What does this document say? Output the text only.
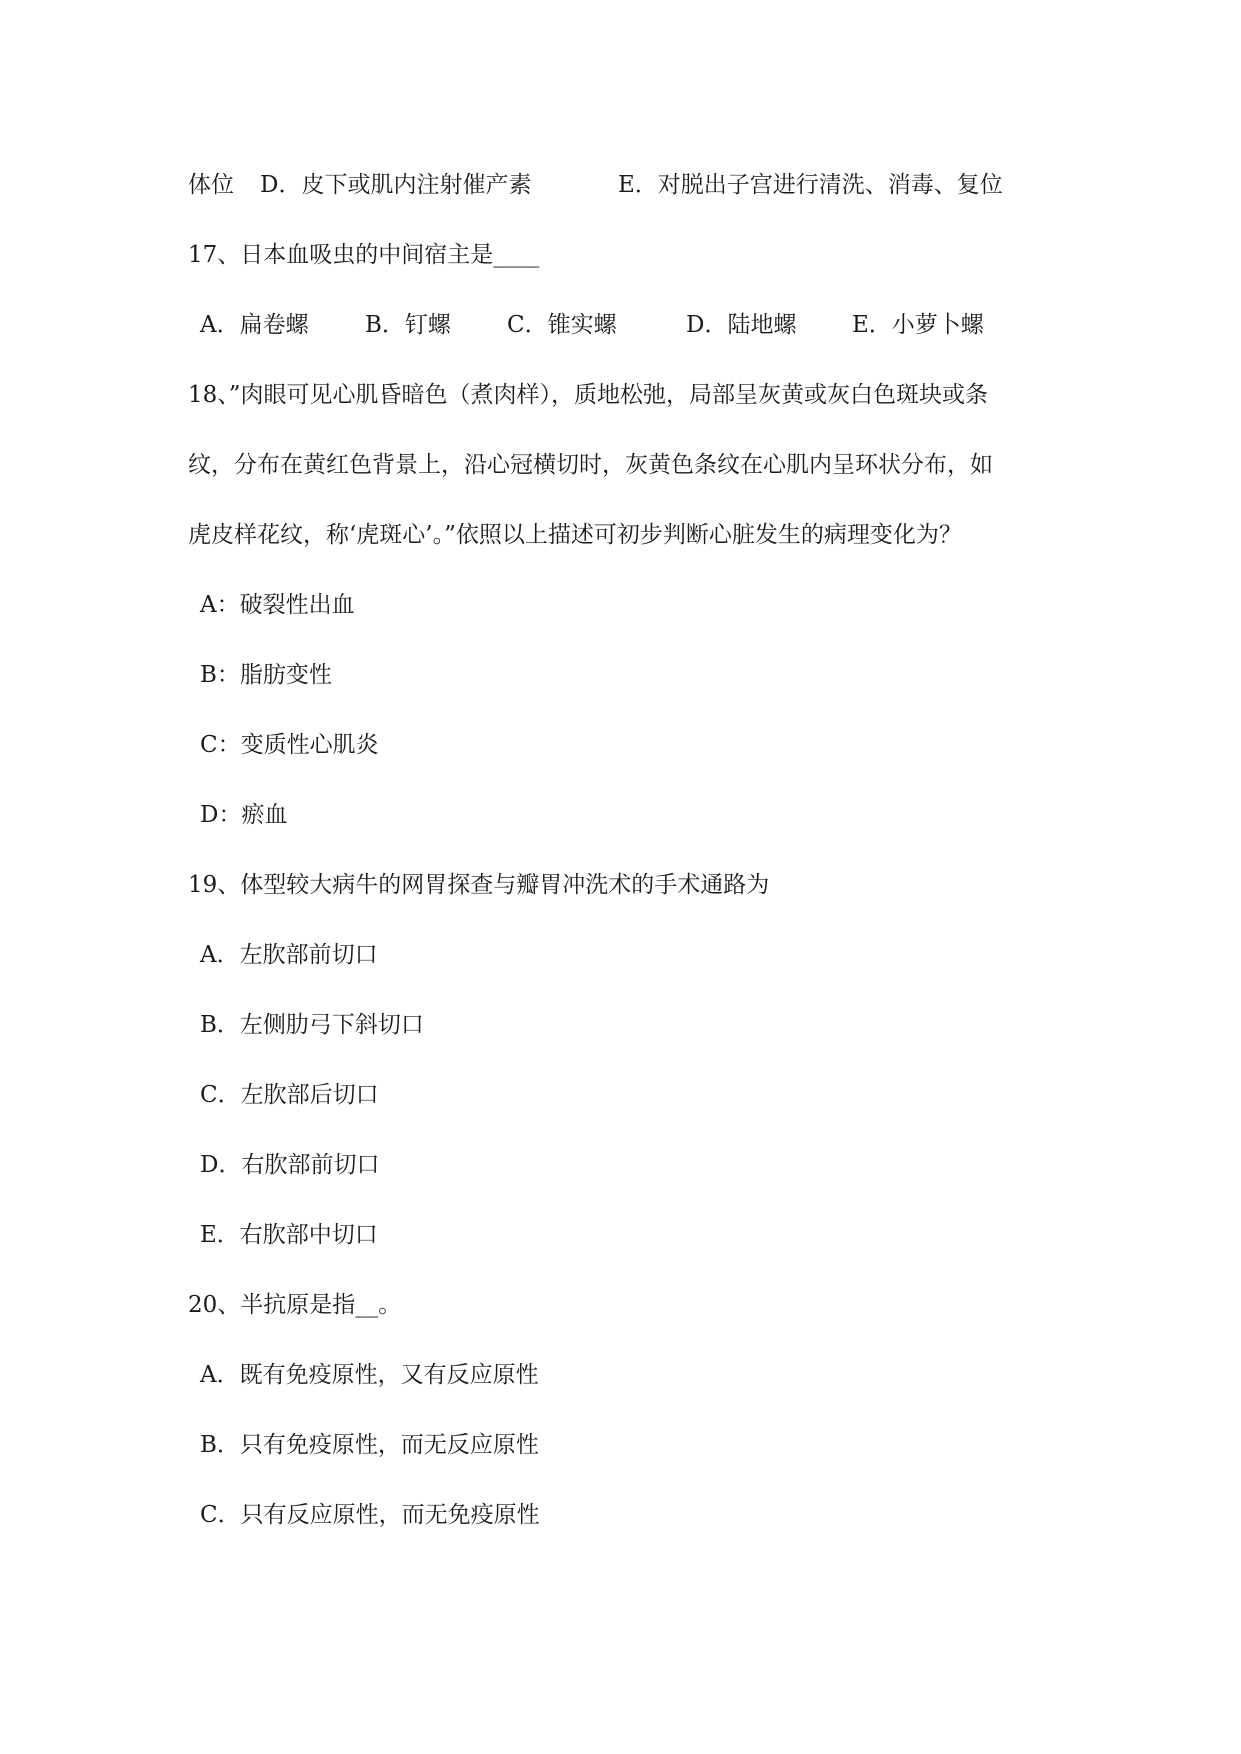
体位 D．皮下或肌内注射催产素	E．对脱出子宫进行清洗、消毒、复位
17、日本血吸虫的中间宿主是____
A．扁卷螺 B．钉螺 C．锥实螺	D．陆地螺 E．小萝卜螺
18、”肉眼可见心肌昏暗色（煮肉样），质地松弛，局部呈灰黄或灰白色斑块或条
纹，分布在黄红色背景上，沿心冠横切时，灰黄色条纹在心肌内呈环状分布，如
虎皮样花纹，称‘虎斑心’。”依照以上描述可初步判断心脏发生的病理变化为？
A：破裂性出血
B：脂肪变性
C：变质性心肌炎
D：瘀血
19、体型较大病牛的网胃探查与瓣胃冲洗术的手术通路为
A．左肷部前切口
B．左侧肋弓下斜切口
C．左肷部后切口
D．右肷部前切口
E．右肷部中切口
20、半抗原是指__。
A．既有免疫原性，又有反应原性
B．只有免疫原性，而无反应原性
C．只有反应原性，而无免疫原性
